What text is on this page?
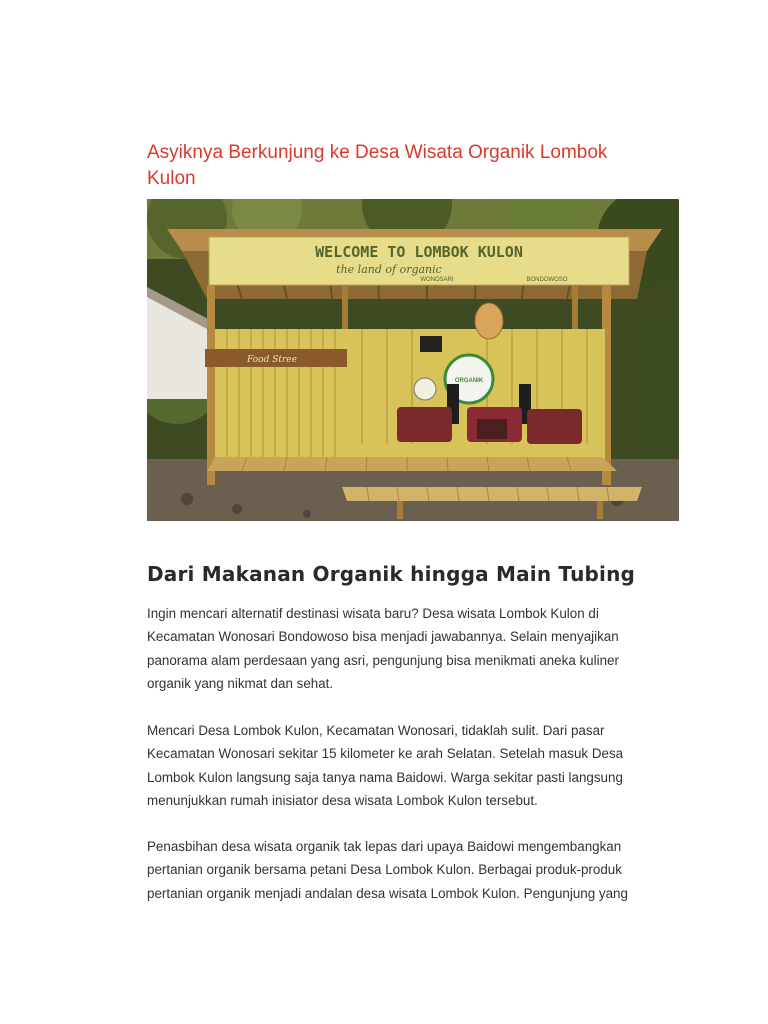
Asyiknya Berkunjung ke Desa Wisata Organik Lombok Kulon
WELCOME TO LOMBOK KULON
the land of organic
WONOSARI	BONDOWOSO
Food Stree
ORGANIK
Dari Makanan Organik hingga Main Tubing

Ingin mencari alternatif destinasi wisata baru? Desa wisata Lombok Kulon di Kecamatan Wonosari Bondowoso bisa menjadi jawabannya. Selain menyajikan panorama alam perdesaan yang asri, pengunjung bisa menikmati aneka kuliner organik yang nikmat dan sehat.

Mencari Desa Lombok Kulon, Kecamatan Wonosari, tidaklah sulit. Dari pasar Kecamatan Wonosari sekitar 15 kilometer ke arah Selatan. Setelah masuk Desa Lombok Kulon langsung saja tanya nama Baidowi. Warga sekitar pasti langsung menunjukkan rumah inisiator desa wisata Lombok Kulon tersebut.

Penasbihan desa wisata organik tak lepas dari upaya Baidowi mengembangkan pertanian organik bersama petani Desa Lombok Kulon. Berbagai produk-produk pertanian organik menjadi andalan desa wisata Lombok Kulon. Pengunjung yang
